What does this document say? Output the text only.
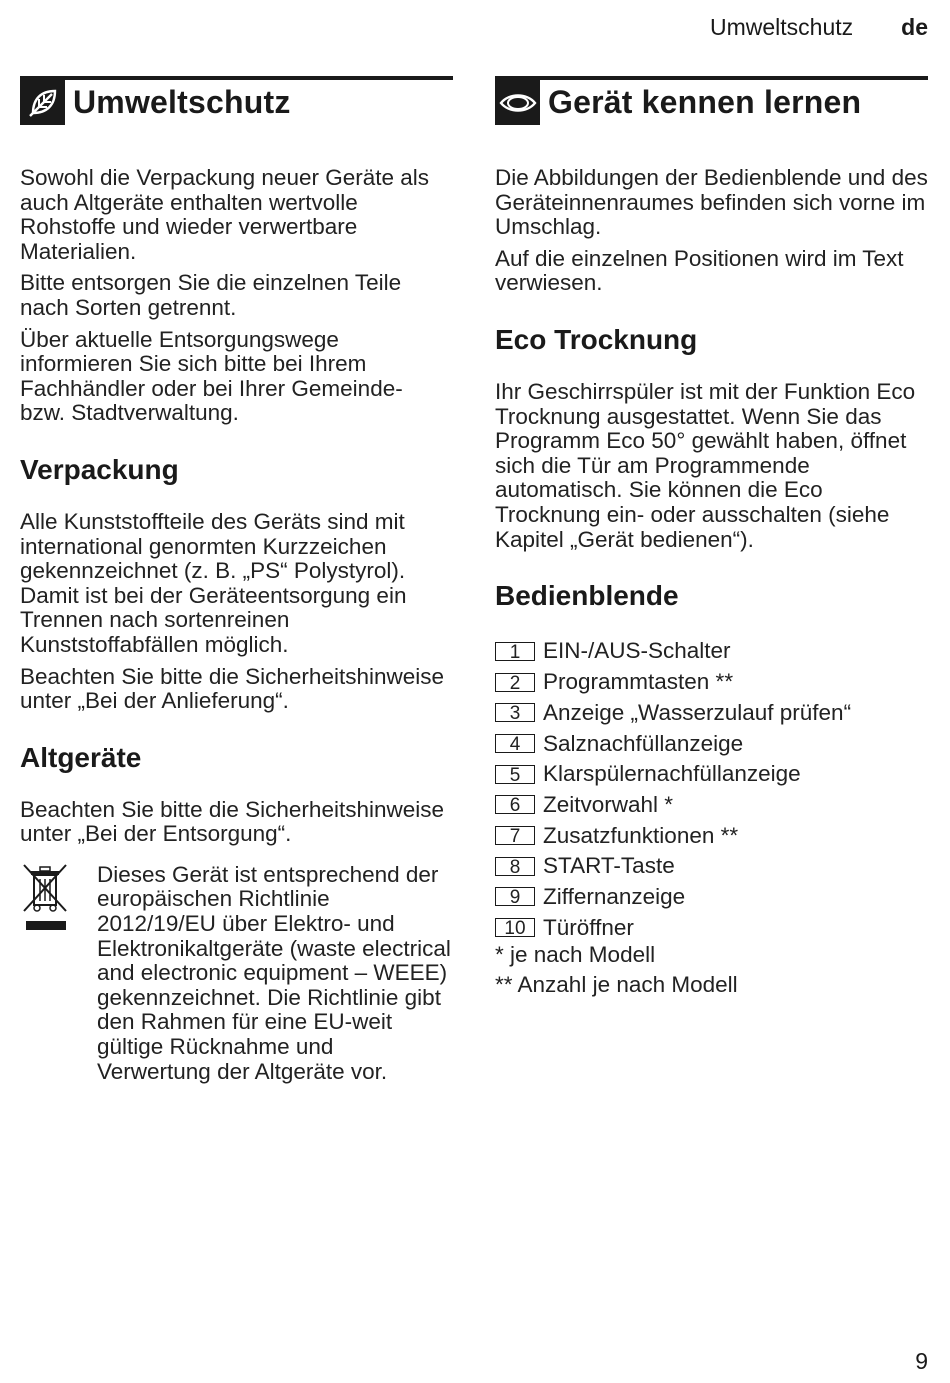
Umweltschutz de
Umweltschutz

Sowohl die Verpackung neuer Geräte als auch Altgeräte enthalten wertvolle Rohstoffe und wieder verwertbare Materialien.

Bitte entsorgen Sie die einzelnen Teile nach Sorten getrennt.

Über aktuelle Entsorgungswege informieren Sie sich bitte bei Ihrem Fachhändler oder bei Ihrer Gemeinde- bzw. Stadtverwaltung.

Verpackung

Alle Kunststoffteile des Geräts sind mit international genormten Kurzzeichen gekennzeichnet (z. B. „PS“ Polystyrol). Damit ist bei der Geräteentsorgung ein Trennen nach sortenreinen Kunststoffabfällen möglich.

Beachten Sie bitte die Sicherheitshinweise unter „Bei der Anlieferung“.

Altgeräte

Beachten Sie bitte die Sicherheitshinweise unter „Bei der Entsorgung“.

Dieses Gerät ist entsprechend der europäischen Richtlinie 2012/19/EU über Elektro- und Elektronikaltgeräte (waste electrical and electronic equipment – WEEE) gekennzeichnet. Die Richtlinie gibt den Rahmen für eine EU-weit gültige Rücknahme und Verwertung der Altgeräte vor.

Gerät kennen lernen

Die Abbildungen der Bedienblende und des Geräteinnenraumes befinden sich vorne im Umschlag.

Auf die einzelnen Positionen wird im Text verwiesen.

Eco Trocknung

Ihr Geschirrspüler ist mit der Funktion Eco Trocknung ausgestattet. Wenn Sie das Programm Eco 50° gewählt haben, öffnet sich die Tür am Programmende automatisch. Sie können die Eco Trocknung ein- oder ausschalten (siehe Kapitel „Gerät bedienen“).

Bedienblende
1	EIN-/AUS-Schalter
2	Programmtasten **
3	Anzeige „Wasserzulauf prüfen“
4	Salznachfüllanzeige
5	Klarspülernachfüllanzeige
6	Zeitvorwahl *
7	Zusatzfunktionen **
8	START-Taste
9	Ziffernanzeige
10 Türöffner

* je nach Modell

** Anzahl je nach Modell

9
